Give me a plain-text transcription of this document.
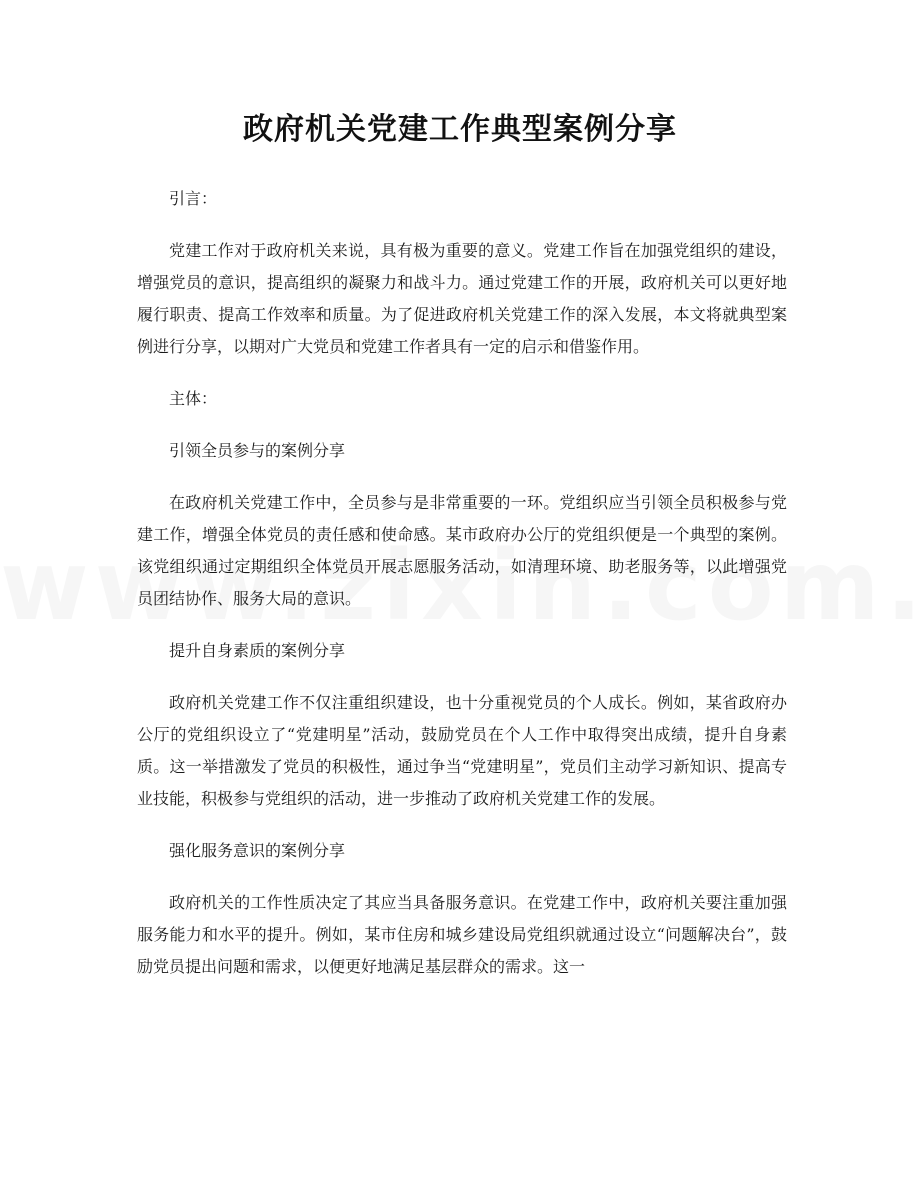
政府机关党建工作典型案例分享

引言：

党建工作对于政府机关来说，具有极为重要的意义。党建工作旨在加强党组织的建设，增强党员的意识，提高组织的凝聚力和战斗力。通过党建工作的开展，政府机关可以更好地履行职责、提高工作效率和质量。为了促进政府机关党建工作的深入发展，本文将就典型案例进行分享，以期对广大党员和党建工作者具有一定的启示和借鉴作用。

主体：

引领全员参与的案例分享

在政府机关党建工作中，全员参与是非常重要的一环。党组织应当引领全员积极参与党建工作，增强全体党员的责任感和使命感。某市政府办公厅的党组织便是一个典型的案例。该党组织通过定期组织全体党员开展志愿服务活动，如清理环境、助老服务等，以此增强党员团结协作、服务大局的意识。

提升自身素质的案例分享

政府机关党建工作不仅注重组织建设，也十分重视党员的个人成长。例如，某省政府办公厅的党组织设立了“党建明星”活动，鼓励党员在个人工作中取得突出成绩，提升自身素质。这一举措激发了党员的积极性，通过争当“党建明星”，党员们主动学习新知识、提高专业技能，积极参与党组织的活动，进一步推动了政府机关党建工作的发展。

强化服务意识的案例分享

政府机关的工作性质决定了其应当具备服务意识。在党建工作中，政府机关要注重加强服务能力和水平的提升。例如，某市住房和城乡建设局党组织就通过设立“问题解决台”，鼓励党员提出问题和需求，以便更好地满足基层群众的需求。这一
